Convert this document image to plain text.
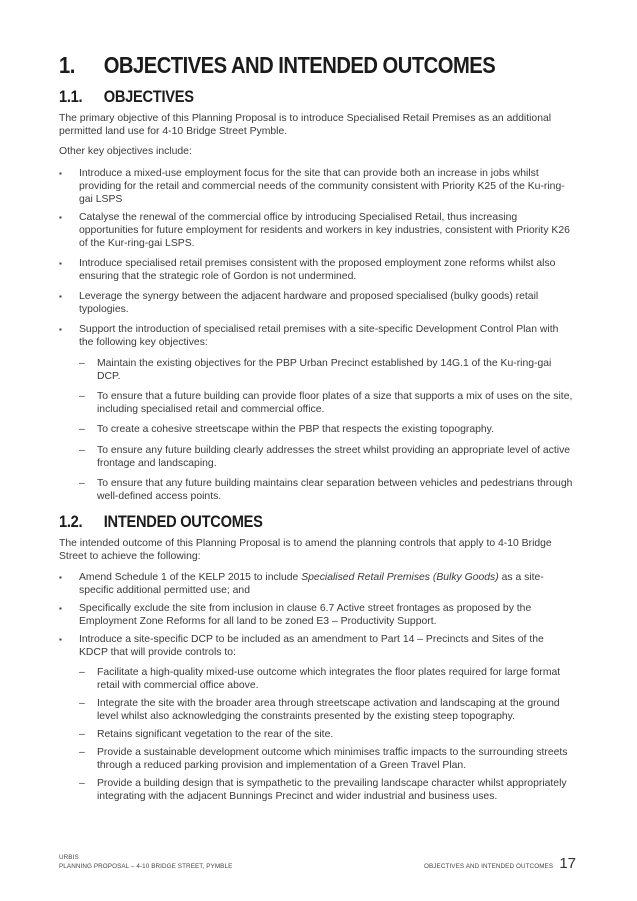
1. OBJECTIVES AND INTENDED OUTCOMES
1.1. OBJECTIVES

The primary objective of this Planning Proposal is to introduce Specialised Retail Premises as an additional permitted land use for 4-10 Bridge Street Pymble.

Other key objectives include:

▪ Introduce a mixed-use employment focus for the site that can provide both an increase in jobs whilst providing for the retail and commercial needs of the community consistent with Priority K25 of the Ku-ring-gai LSPS
▪ Catalyse the renewal of the commercial office by introducing Specialised Retail, thus increasing opportunities for future employment for residents and workers in key industries, consistent with Priority K26 of the Kur-ring-gai LSPS.
▪ Introduce specialised retail premises consistent with the proposed employment zone reforms whilst also ensuring that the strategic role of Gordon is not undermined.
▪ Leverage the synergy between the adjacent hardware and proposed specialised (bulky goods) retail typologies.
▪ Support the introduction of specialised retail premises with a site-specific Development Control Plan with the following key objectives:
– Maintain the existing objectives for the PBP Urban Precinct established by 14G.1 of the Ku-ring-gai DCP.
– To ensure that a future building can provide floor plates of a size that supports a mix of uses on the site, including specialised retail and commercial office.
– To create a cohesive streetscape within the PBP that respects the existing topography.
– To ensure any future building clearly addresses the street whilst providing an appropriate level of active frontage and landscaping.
– To ensure that any future building maintains clear separation between vehicles and pedestrians through well-defined access points.
1.2. INTENDED OUTCOMES

The intended outcome of this Planning Proposal is to amend the planning controls that apply to 4-10 Bridge Street to achieve the following:

▪ Amend Schedule 1 of the KELP 2015 to include Specialised Retail Premises (Bulky Goods) as a site-specific additional permitted use; and
▪ Specifically exclude the site from inclusion in clause 6.7 Active street frontages as proposed by the Employment Zone Reforms for all land to be zoned E3 – Productivity Support.
▪ Introduce a site-specific DCP to be included as an amendment to Part 14 – Precincts and Sites of the KDCP that will provide controls to:
– Facilitate a high-quality mixed-use outcome which integrates the floor plates required for large format retail with commercial office above.
– Integrate the site with the broader area through streetscape activation and landscaping at the ground level whilst also acknowledging the constraints presented by the existing steep topography.
– Retains significant vegetation to the rear of the site.
– Provide a sustainable development outcome which minimises traffic impacts to the surrounding streets through a reduced parking provision and implementation of a Green Travel Plan.
– Provide a building design that is sympathetic to the prevailing landscape character whilst appropriately integrating with the adjacent Bunnings Precinct and wider industrial and business uses.
URBIS
PLANNING PROPOSAL – 4-10 BRIDGE STREET, PYMBLE	OBJECTIVES AND INTENDED OUTCOMES 17
